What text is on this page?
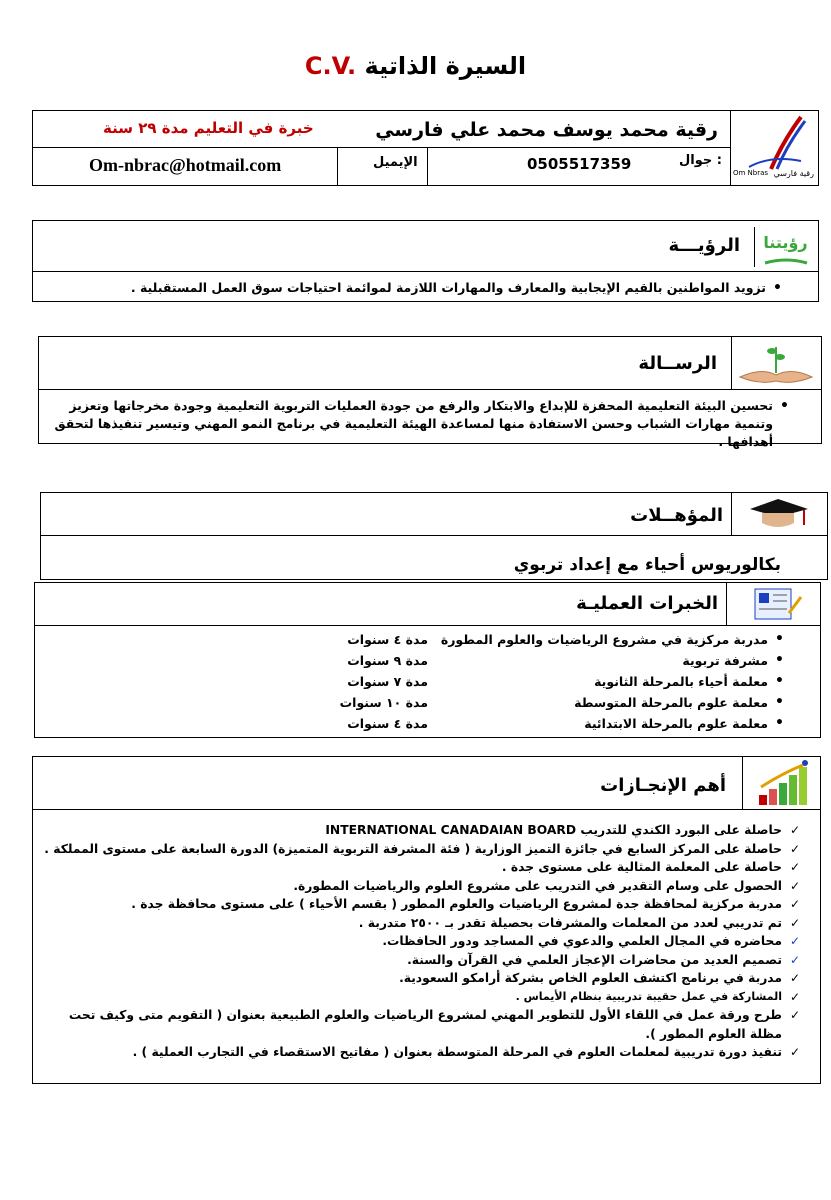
السيرة الذاتية C.V.
رقية فارسي
Om Nbras
رقية محمد يوسف محمد علي فارسي
خبرة في التعليم مدة ٢٩ سنة
: جوال
0505517359
الإيميل
Om-nbrac@hotmail.com
رؤيتنا
الرؤيـــة
• تزويد المواطنين بالقيم الإيجابية والمعارف والمهارات اللازمة لموائمة احتياجات سوق العمل المستقبلية .
الرســالة
• تحسين البيئة التعليمية المحفزة للإبداع والابتكار والرفع من جودة العمليات التربوية التعليمية وجودة مخرجاتها وتعزيز وتنمية مهارات الشباب وحسن الاستفادة منها لمساعدة الهيئة التعليمية في برنامج النمو المهني وتيسير تنفيذها لتحقق أهدافها .
المؤهــلات
بكالوريوس أحياء مع إعداد تربوي
الخبرات العمليـة
• مدربة مركزية في مشروع الرياضيات والعلوم المطورة
• مشرفة تربوية
• معلمة أحياء بالمرحلة الثانوية
• معلمة علوم بالمرحلة المتوسطة
• معلمة علوم بالمرحلة الابتدائية
مدة ٤ سنوات
مدة ٩ سنوات
مدة ٧ سنوات
مدة ١٠ سنوات
مدة ٤ سنوات
أهم الإنجـازات
✓ حاصلة على البورد الكندي للتدريب INTERNATIONAL CANADAIAN BOARD
✓ حاصلة على المركز السابع في جائزة التميز الوزارية ( فئة المشرفة التربوية المتميزة) الدورة السابعة على مستوى المملكة .
✓ حاصلة على المعلمة المثالية على مستوى جدة .
✓ الحصول على وسام التقدير في التدريب على مشروع العلوم والرياضيات المطورة.
✓ مدربة مركزية لمحافظة جدة لمشروع الرياضيات والعلوم المطور ( بقسم الأحياء ) على مستوى محافظة جدة .
✓ تم تدريبي لعدد من المعلمات والمشرفات بحصيلة تقدر بـ ٢٥٠٠ متدربة .
✓ محاضره في المجال العلمي والدعوي في المساجد ودور الحافظات.
✓ تصميم العديد من محاضرات الإعجاز العلمي في القرآن والسنة.
✓ مدربة في برنامج اكتشف العلوم الخاص بشركة أرامكو السعودية.
✓ المشاركة في عمل حقيبة تدريبية بنظام الأيماس .
✓ طرح ورقة عمل في اللقاء الأول للتطوير المهني لمشروع الرياضيات والعلوم الطبيعية بعنوان ( التقويم متى وكيف تحت مظلة العلوم المطور ).
✓ تنفيذ دورة تدريبية لمعلمات العلوم في المرحلة المتوسطة بعنوان ( مفاتيح الاستقصاء في التجارب العملية ) .
